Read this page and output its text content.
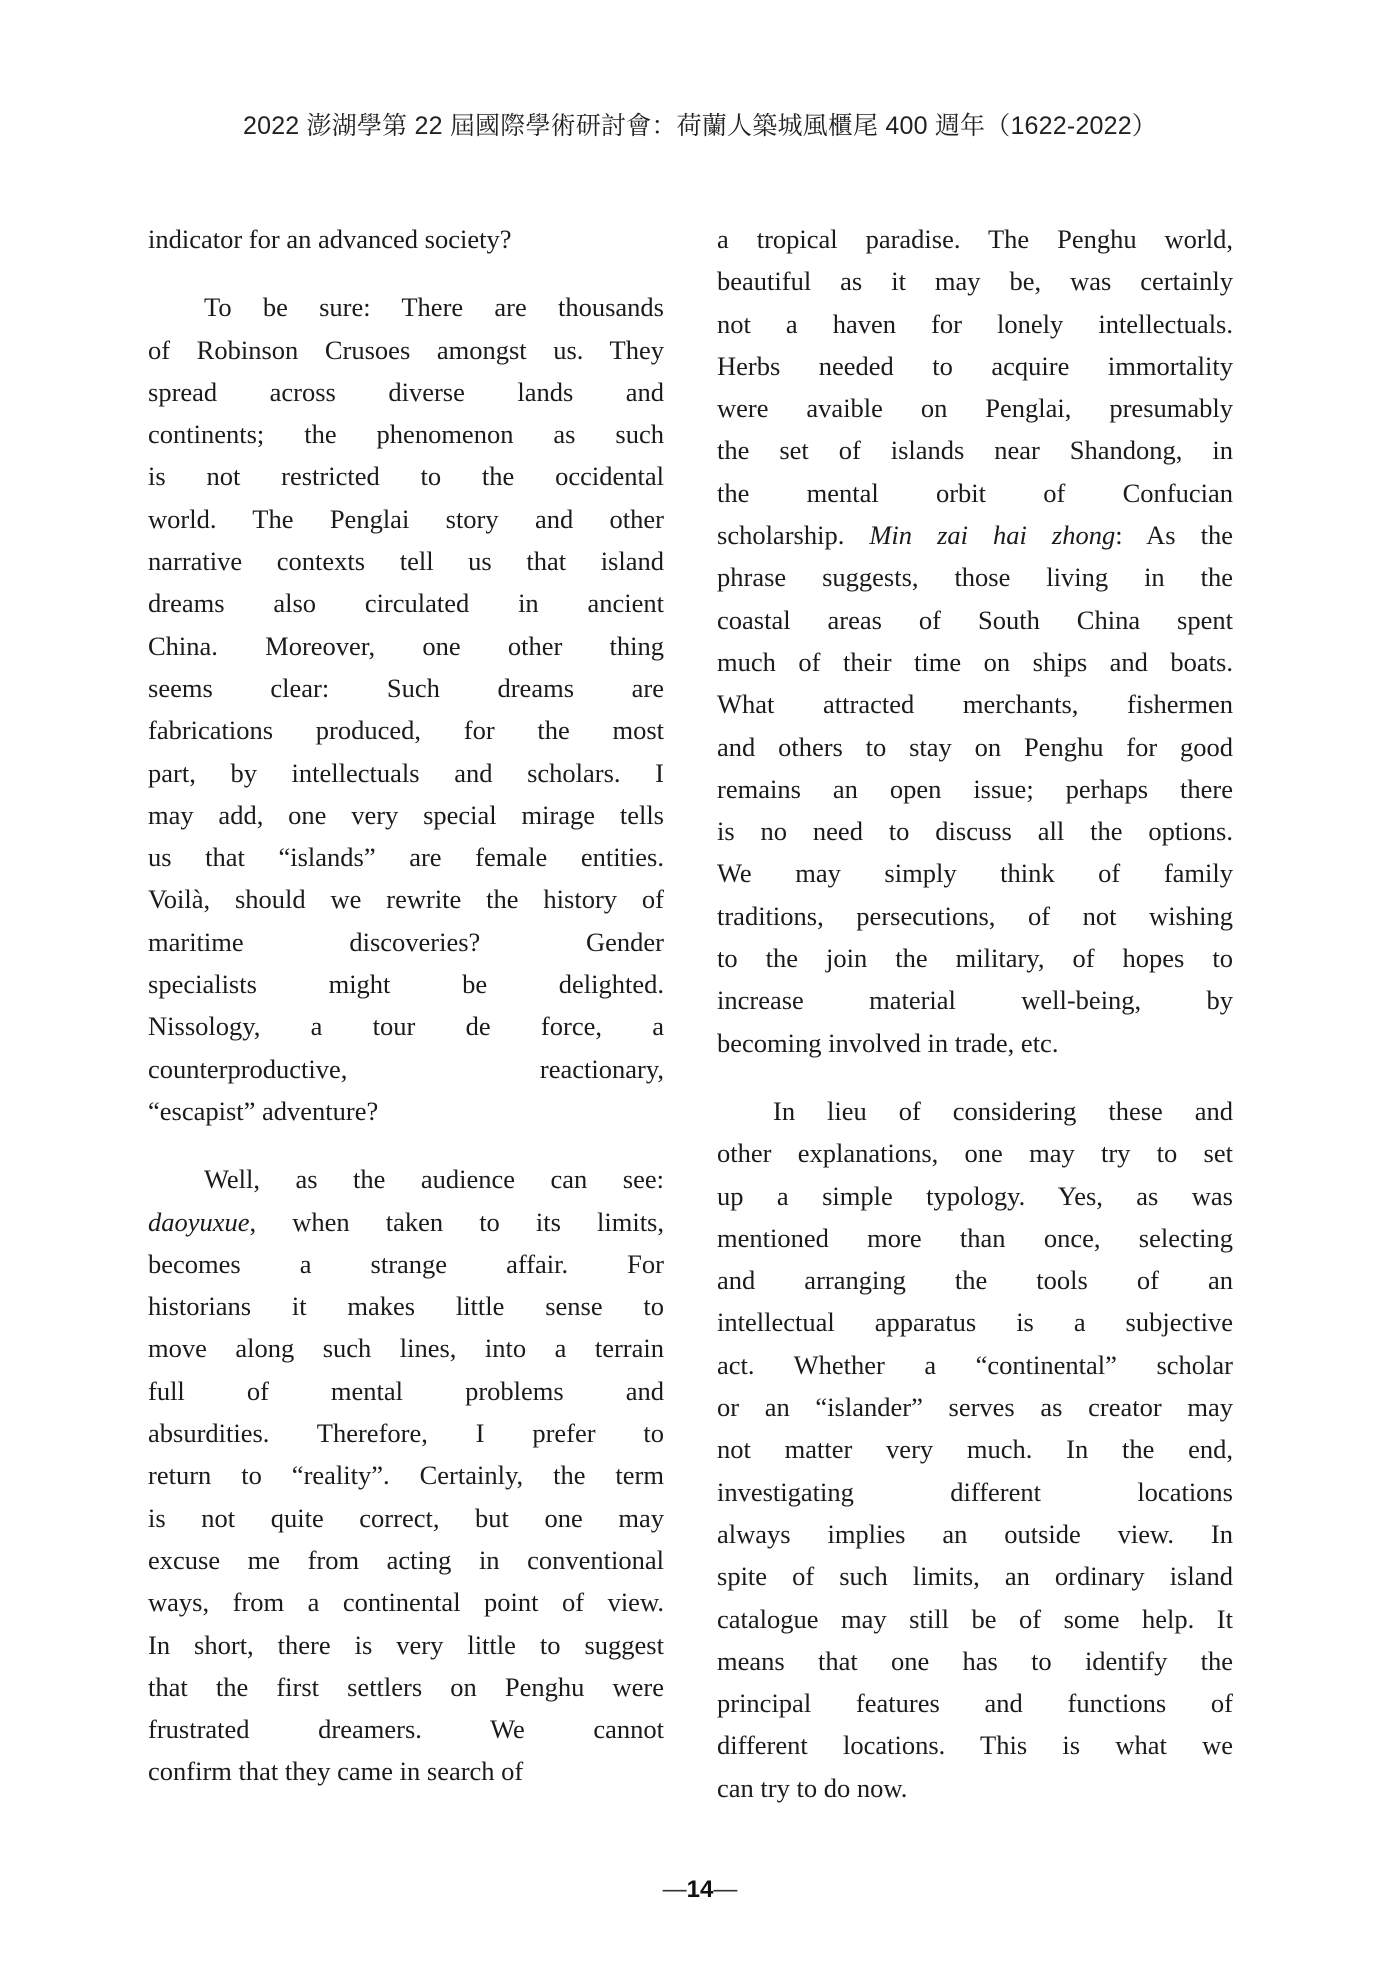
2022 澎湖學第 22 屆國際學術研討會：荷蘭人築城風櫃尾 400 週年（1622-2022）
indicator for an advanced society?
To be sure: There are thousands
of Robinson Crusoes amongst us. They
spread across diverse lands and
continents; the phenomenon as such
is not restricted to the occidental
world. The Penglai story and other
narrative contexts tell us that island
dreams also circulated in ancient
China. Moreover, one other thing
seems clear: Such dreams are
fabrications produced, for the most
part, by intellectuals and scholars. I
may add, one very special mirage tells
us that “islands” are female entities.
Voilà, should we rewrite the history of
maritime discoveries? Gender
specialists might be delighted.
Nissology, a tour de force, a
counterproductive, reactionary,
“escapist” adventure?
Well, as the audience can see:
daoyuxue, when taken to its limits,
becomes a strange affair. For
historians it makes little sense to
move along such lines, into a terrain
full of mental problems and
absurdities. Therefore, I prefer to
return to “reality”. Certainly, the term
is not quite correct, but one may
excuse me from acting in conventional
ways, from a continental point of view.
In short, there is very little to suggest
that the first settlers on Penghu were
frustrated dreamers. We cannot
confirm that they came in search of
a tropical paradise. The Penghu world,
beautiful as it may be, was certainly
not a haven for lonely intellectuals.
Herbs needed to acquire immortality
were avaible on Penglai, presumably
the set of islands near Shandong, in
the mental orbit of Confucian
scholarship. Min zai hai zhong: As the
phrase suggests, those living in the
coastal areas of South China spent
much of their time on ships and boats.
What attracted merchants, fishermen
and others to stay on Penghu for good
remains an open issue; perhaps there
is no need to discuss all the options.
We may simply think of family
traditions, persecutions, of not wishing
to the join the military, of hopes to
increase material well-being, by
becoming involved in trade, etc.
In lieu of considering these and
other explanations, one may try to set
up a simple typology. Yes, as was
mentioned more than once, selecting
and arranging the tools of an
intellectual apparatus is a subjective
act. Whether a “continental” scholar
or an “islander” serves as creator may
not matter very much. In the end,
investigating different locations
always implies an outside view. In
spite of such limits, an ordinary island
catalogue may still be of some help. It
means that one has to identify the
principal features and functions of
different locations. This is what we
can try to do now.
—14—
